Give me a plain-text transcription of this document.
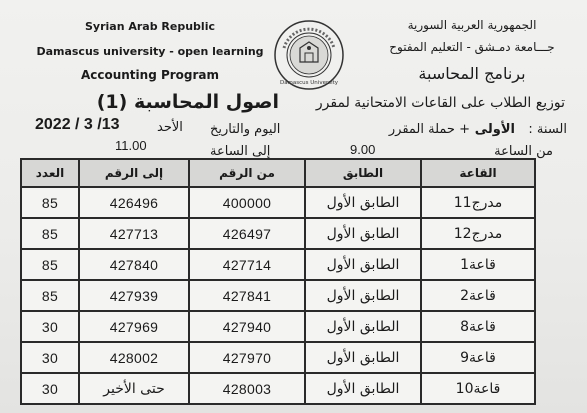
Syrian Arab Republic
Damascus university - open learning
Accounting Program
الجمهورية العربية السورية
جـــامعة دمـشق - التعليم المفتوح
برنامج المحاسبة
Damascus University
توزيع الطلاب على القاعات الامتحانية لمقرر
اصول المحاسبة (1)
السنة :
الأولى
+ حملة المقرر
اليوم والتاريخ
الأحد
2022 / 3 /13
من الساعة
9.00
إلى الساعة
11.00
العدد	إلى الرقم	من الرقم	الطابق	القاعة
85	426496	400000	الطابق الأول	مدرج11
85	427713	426497	الطابق الأول	مدرج12
85	427840	427714	الطابق الأول	قاعة1
85	427939	427841	الطابق الأول	قاعة2
30	427969	427940	الطابق الأول	قاعة8
30	428002	427970	الطابق الأول	قاعة9
30	حتى الأخير	428003	الطابق الأول	قاعة10
